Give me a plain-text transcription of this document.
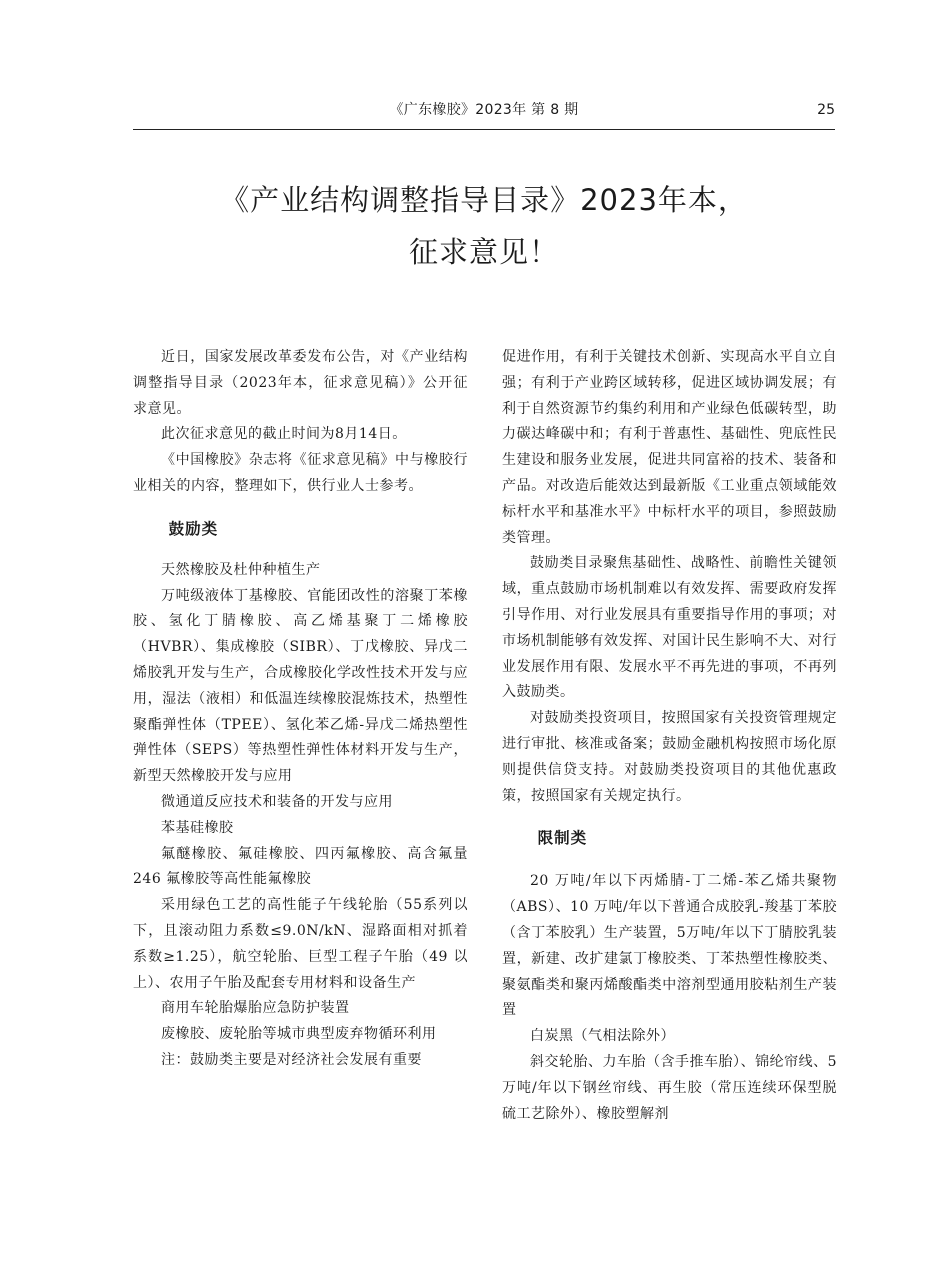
《广东橡胶》2023年 第 8 期	25
《产业结构调整指导目录》2023年本，
征求意见！

近日，国家发展改革委发布公告，对《产业结构调整指导目录（2023年本，征求意见稿）》公开征求意见。

此次征求意见的截止时间为8月14日。

《中国橡胶》杂志将《征求意见稿》中与橡胶行业相关的内容，整理如下，供行业人士参考。

鼓励类

天然橡胶及杜仲种植生产

万吨级液体丁基橡胶、官能团改性的溶聚丁苯橡胶、氢化丁腈橡胶、高乙烯基聚丁二烯橡胶（HVBR）、集成橡胶（SIBR）、丁戊橡胶、异戊二烯胶乳开发与生产，合成橡胶化学改性技术开发与应用，湿法（液相）和低温连续橡胶混炼技术，热塑性聚酯弹性体（TPEE）、氢化苯乙烯-异戊二烯热塑性弹性体（SEPS）等热塑性弹性体材料开发与生产，新型天然橡胶开发与应用

微通道反应技术和装备的开发与应用

苯基硅橡胶

氟醚橡胶、氟硅橡胶、四丙氟橡胶、高含氟量 246 氟橡胶等高性能氟橡胶

采用绿色工艺的高性能子午线轮胎（55系列以下，且滚动阻力系数≤9.0N/kN、湿路面相对抓着系数≥1.25），航空轮胎、巨型工程子午胎（49 以上）、农用子午胎及配套专用材料和设备生产

商用车轮胎爆胎应急防护装置

废橡胶、废轮胎等城市典型废弃物循环利用

注：鼓励类主要是对经济社会发展有重要

促进作用，有利于关键技术创新、实现高水平自立自强；有利于产业跨区域转移，促进区域协调发展；有利于自然资源节约集约利用和产业绿色低碳转型，助力碳达峰碳中和；有利于普惠性、基础性、兜底性民生建设和服务业发展，促进共同富裕的技术、装备和产品。对改造后能效达到最新版《工业重点领域能效标杆水平和基准水平》中标杆水平的项目，参照鼓励类管理。

鼓励类目录聚焦基础性、战略性、前瞻性关键领域，重点鼓励市场机制难以有效发挥、需要政府发挥引导作用、对行业发展具有重要指导作用的事项；对市场机制能够有效发挥、对国计民生影响不大、对行业发展作用有限、发展水平不再先进的事项，不再列入鼓励类。

对鼓励类投资项目，按照国家有关投资管理规定进行审批、核准或备案；鼓励金融机构按照市场化原则提供信贷支持。对鼓励类投资项目的其他优惠政策，按照国家有关规定执行。

限制类

20 万吨/年以下丙烯腈-丁二烯-苯乙烯共聚物（ABS）、10 万吨/年以下普通合成胶乳-羧基丁苯胶（含丁苯胶乳）生产装置，5万吨/年以下丁腈胶乳装置，新建、改扩建氯丁橡胶类、丁苯热塑性橡胶类、聚氨酯类和聚丙烯酸酯类中溶剂型通用胶粘剂生产装置

白炭黑（气相法除外）

斜交轮胎、力车胎（含手推车胎）、锦纶帘线、5 万吨/年以下钢丝帘线、再生胶（常压连续环保型脱硫工艺除外）、橡胶塑解剂
